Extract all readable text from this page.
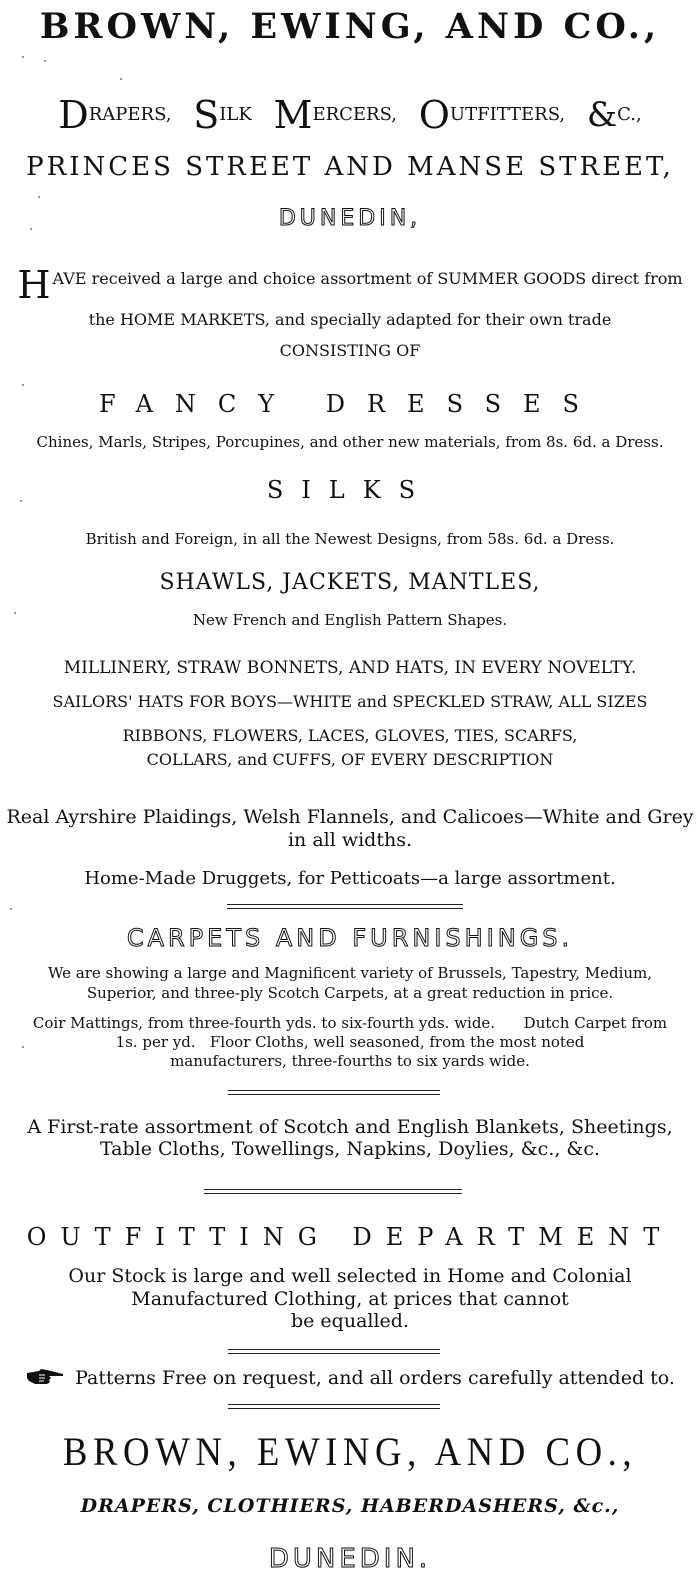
BROWN, EWING, AND CO.,
DRAPERS, SILK MERCERS, OUTFITTERS, &C.,
PRINCES STREET AND MANSE STREET,
DUNEDIN,
HAVE received a large and choice assortment of SUMMER GOODS direct from
the HOME MARKETS, and specially adapted for their own trade
CONSISTING OF
FANCY DRESSES
Chines, Marls, Stripes, Porcupines, and other new materials, from 8s. 6d. a Dress.
SILKS
British and Foreign, in all the Newest Designs, from 58s. 6d. a Dress.
SHAWLS, JACKETS, MANTLES,
New French and English Pattern Shapes.
MILLINERY, STRAW BONNETS, AND HATS, IN EVERY NOVELTY.
SAILORS' HATS FOR BOYS—WHITE and SPECKLED STRAW, ALL SIZES
RIBBONS, FLOWERS, LACES, GLOVES, TIES, SCARFS,
COLLARS, and CUFFS, OF EVERY DESCRIPTION
Real Ayrshire Plaidings, Welsh Flannels, and Calicoes—White and Grey
in all widths.
Home-Made Druggets, for Petticoats—a large assortment.
CARPETS AND FURNISHINGS.
We are showing a large and Magnificent variety of Brussels, Tapestry, Medium,
Superior, and three-ply Scotch Carpets, at a great reduction in price.
Coir Mattings, from three-fourth yds. to six-fourth yds. wide.      Dutch Carpet from
1s. per yd.   Floor Cloths, well seasoned, from the most noted
manufacturers, three-fourths to six yards wide.
A First-rate assortment of Scotch and English Blankets, Sheetings,
Table Cloths, Towellings, Napkins, Doylies, &c., &c.
OUTFITTING DEPARTMENT
Our Stock is large and well selected in Home and Colonial
Manufactured Clothing, at prices that cannot
be equalled.
Patterns Free on request, and all orders carefully attended to.
BROWN, EWING, AND CO.,
DRAPERS, CLOTHIERS, HABERDASHERS, &c.,
DUNEDIN.
